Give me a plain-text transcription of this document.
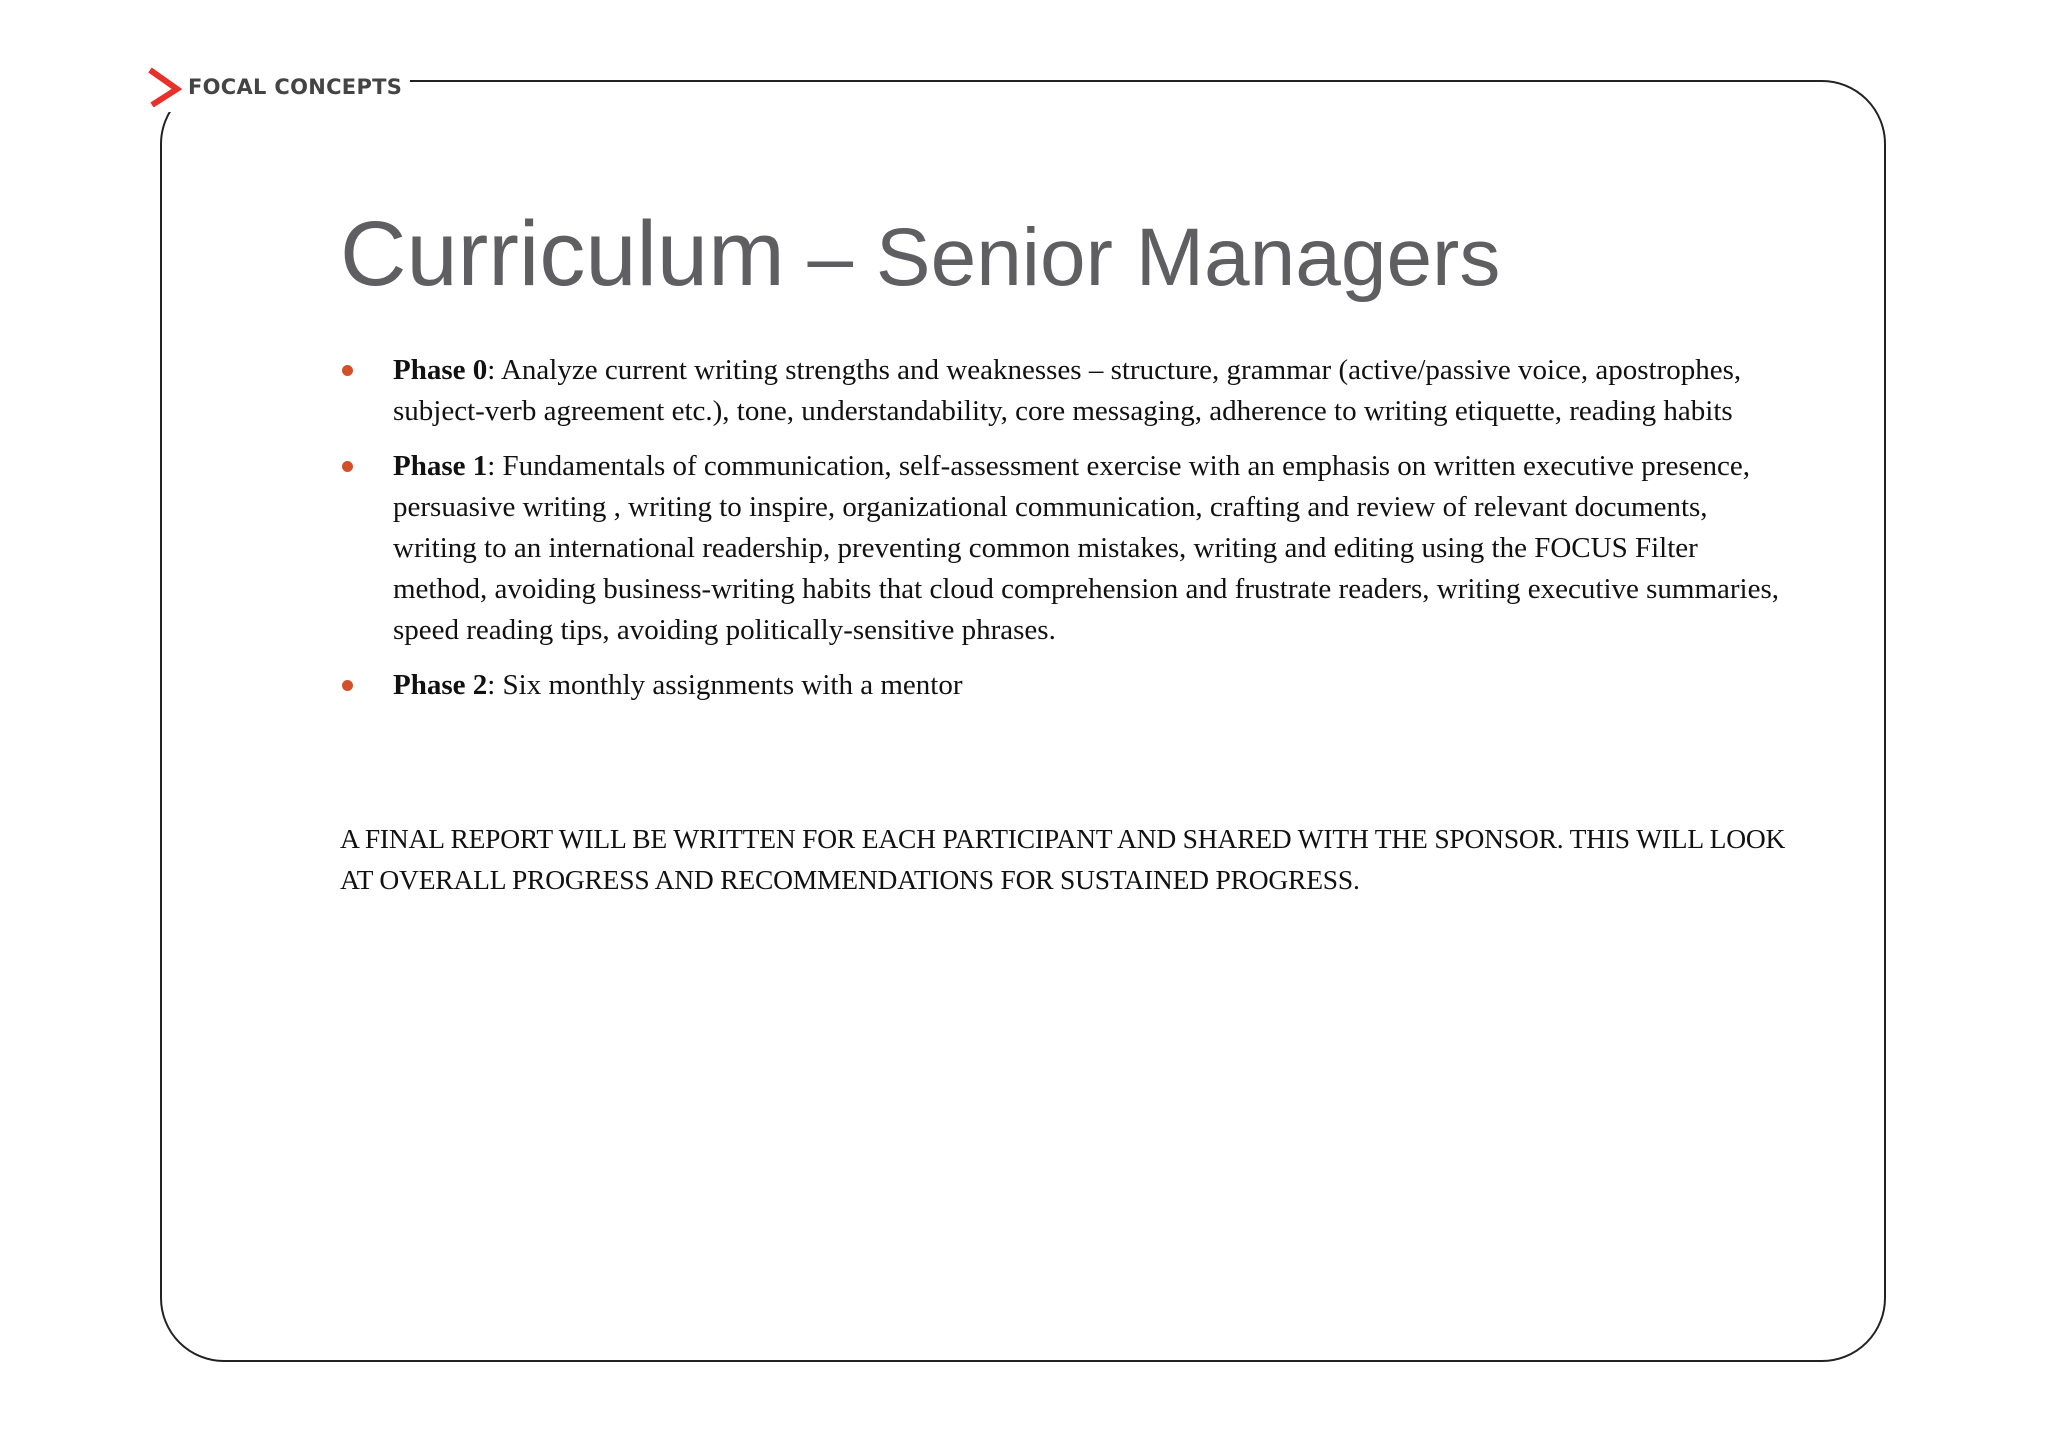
FOCAL CONCEPTS
Curriculum – Senior Managers
Phase 0: Analyze current writing strengths and weaknesses – structure, grammar (active/passive voice, apostrophes, subject-verb agreement etc.), tone, understandability, core messaging, adherence to writing etiquette, reading habits
Phase 1: Fundamentals of communication, self-assessment exercise with an emphasis on written executive presence, persuasive writing , writing to inspire, organizational communication, crafting and review of relevant documents, writing to an international readership, preventing common mistakes, writing and editing using the FOCUS Filter method, avoiding business-writing habits that cloud comprehension and frustrate readers, writing executive summaries, speed reading tips, avoiding politically-sensitive phrases.
Phase 2: Six monthly assignments with a mentor
A FINAL REPORT WILL BE WRITTEN FOR EACH PARTICIPANT AND SHARED WITH THE SPONSOR. THIS WILL LOOK AT OVERALL PROGRESS AND RECOMMENDATIONS FOR SUSTAINED PROGRESS.
